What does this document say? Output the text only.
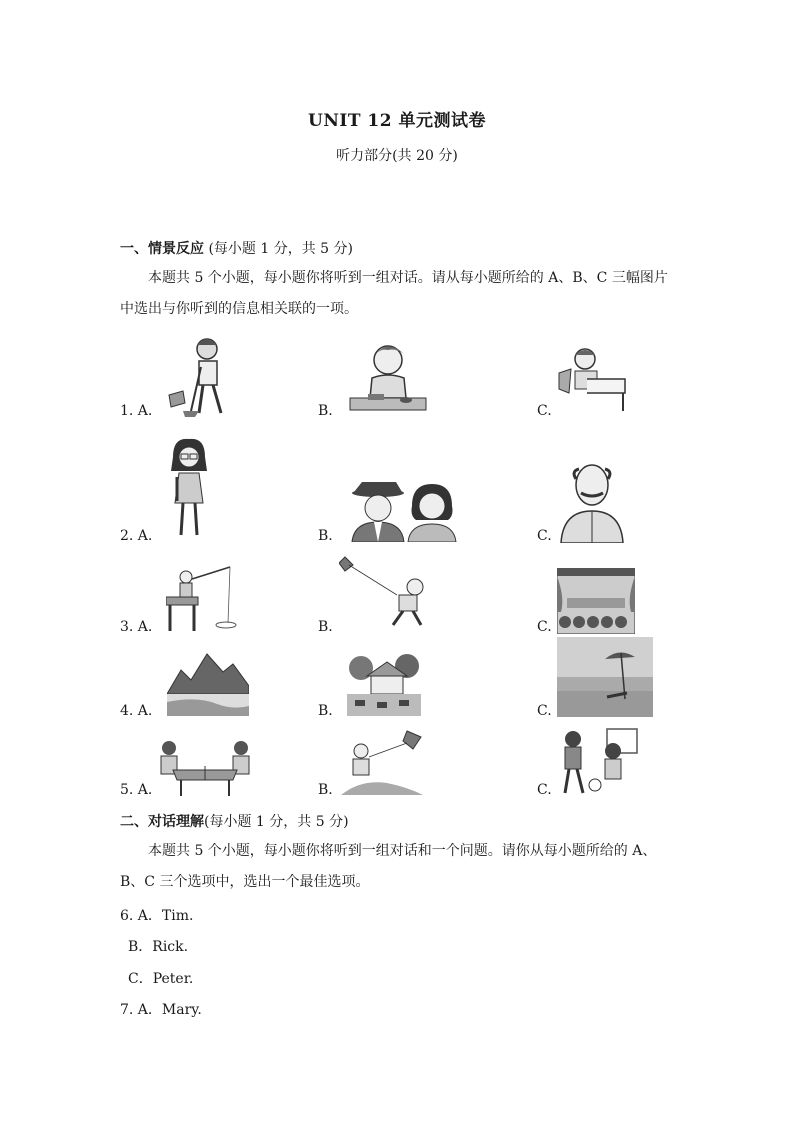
UNIT 12 单元测试卷
听力部分(共 20 分)
一、情景反应 (每小题 1 分，共 5 分)
本题共 5 个小题，每小题你将听到一组对话。请从每小题所给的 A、B、C 三幅图片中选出与你听到的信息相关联的一项。
1. A.	B.	C.
2. A.	B.	C.
3. A.	B.	C.
4. A.	B.	C.
5. A.	B.	C.
二、对话理解(每小题 1 分，共 5 分)
本题共 5 个小题，每小题你将听到一组对话和一个问题。请你从每小题所给的 A、B、C 三个选项中，选出一个最佳选项。
6. A．Tim.
B．Rick.
C．Peter.
7. A．Mary.
